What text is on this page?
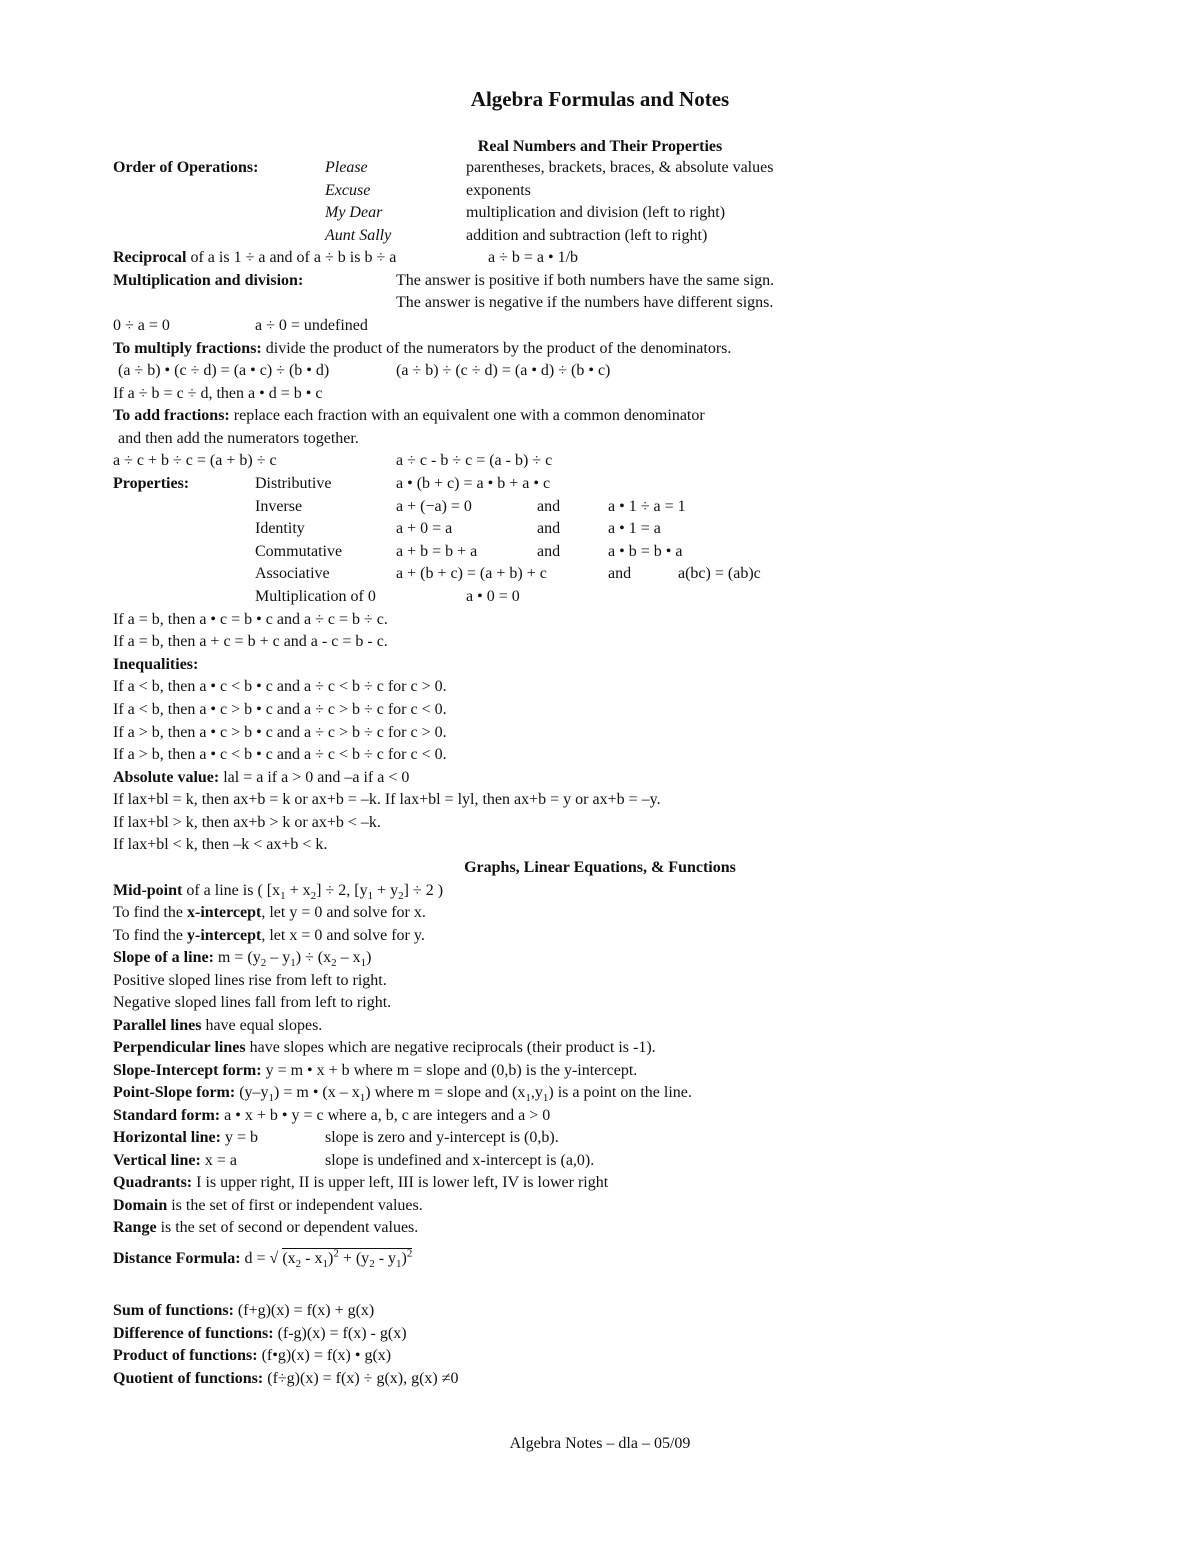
Algebra Formulas and Notes
Real Numbers and Their Properties
Order of Operations:	Please	parentheses, brackets, braces, & absolute values
Excuse	exponents
My Dear	multiplication and division (left to right)
Aunt Sally	addition and subtraction (left to right)
Reciprocal of a is 1 ÷ a and of a ÷ b is b ÷ a	a ÷ b = a • 1/b
Multiplication and division:	The answer is positive if both numbers have the same sign.
The answer is negative if the numbers have different signs.
0 ÷ a = 0	a ÷ 0 = undefined
To multiply fractions: divide the product of the numerators by the product of the denominators.
(a ÷ b) • (c ÷ d) = (a • c) ÷ (b • d)	(a ÷ b) ÷ (c ÷ d) = (a • d) ÷ (b • c)
If a ÷ b = c ÷ d, then a • d = b • c
To add fractions: replace each fraction with an equivalent one with a common denominator
and then add the numerators together.
a ÷ c + b ÷ c = (a + b) ÷ c	a ÷ c - b ÷ c = (a - b) ÷ c
Properties:	Distributive	a • (b + c) = a • b + a • c
Inverse	a + (−a) = 0	and	a • 1 ÷ a = 1
Identity	a + 0 = a	and	a • 1 = a
Commutative	a + b = b + a	and	a • b = b • a
Associative	a + (b + c) = (a + b) + c	and	a(bc) = (ab)c
Multiplication of 0	a • 0 = 0
If a = b, then a • c = b • c and a ÷ c = b ÷ c.
If a = b, then a + c = b + c and a - c = b - c.
Inequalities:
If a < b, then a • c < b • c and a ÷ c < b ÷ c for c > 0.
If a < b, then a • c > b • c and a ÷ c > b ÷ c for c < 0.
If a > b, then a • c > b • c and a ÷ c > b ÷ c for c > 0.
If a > b, then a • c < b • c and a ÷ c < b ÷ c for c < 0.
Absolute value: lal = a if a > 0 and –a if a < 0
If lax+bl = k, then ax+b = k or ax+b = –k. If lax+bl = lyl, then ax+b = y or ax+b = –y.
If lax+bl > k, then ax+b > k or ax+b < –k.
If lax+bl < k, then –k < ax+b < k.
Graphs, Linear Equations, & Functions
Mid-point of a line is ( $[x_1 + x_2] \div 2$, $[y_1 + y_2] \div 2$ )
To find the x-intercept, let y = 0 and solve for x.
To find the y-intercept, let x = 0 and solve for y.
Slope of a line: $m = (y_2 - y_1) \div (x_2 - x_1)$
Positive sloped lines rise from left to right.
Negative sloped lines fall from left to right.
Parallel lines have equal slopes.
Perpendicular lines have slopes which are negative reciprocals (their product is -1).
Slope-Intercept form: y = m • x + b where m = slope and (0,b) is the y-intercept.
Point-Slope form: $(y-y_1) = m$ • $(x - x_1)$ where m = slope and $(x_1,y_1)$ is a point on the line.
Standard form: a • x + b • y = c where a, b, c are integers and a > 0
Horizontal line: y = b	slope is zero and y-intercept is (0,b).
Vertical line: x = a	slope is undefined and x-intercept is (a,0).
Quadrants: I is upper right, II is upper left, III is lower left, IV is lower right
Domain is the set of first or independent values.
Range is the set of second or dependent values.
Distance Formula: d = √ $(x_2 - x_1)^2 + (y_2 - y_1)^2$
Sum of functions: (f+g)(x) = f(x) + g(x)
Difference of functions: (f-g)(x) = f(x) - g(x)
Product of functions: (f•g)(x) = f(x) • g(x)
Quotient of functions: (f÷g)(x) = f(x) ÷ g(x), g(x) ≠0
Algebra Notes – dla – 05/09
